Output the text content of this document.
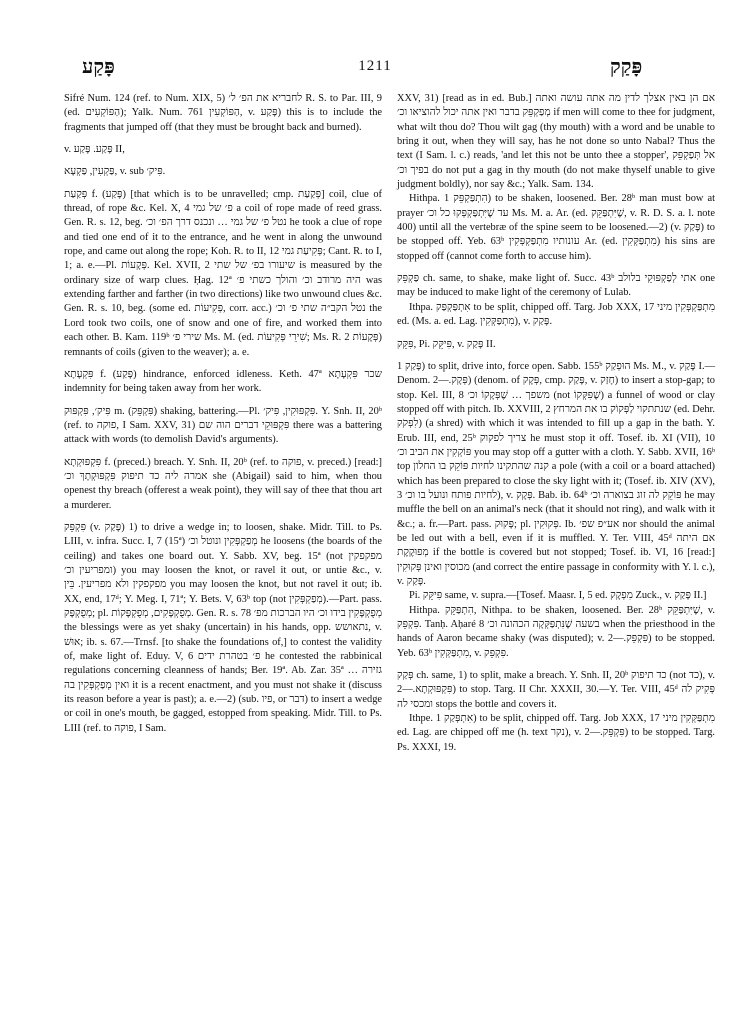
פָּקַע	1211	פָּקַק

Sifré Num. 124 (ref. to Num. XIX, 5) לחבריא את הפ׳ ל׳ R. S. to Par. III, 9 (ed. הַפּוֹקְעִים); Yalk. Num. 761 הַפּוֹקְעִין, v. פָּקַע) this is to include the fragments that jumped off (that they must be brought back and burned).

v. פָּקַע. פָּקַע II,

פַּקְעִין, פַּקְעָא, v. sub פִּיק׳.

פְּקַעַת f. (פָּקַע) [that which is to be unravelled; cmp. פְּקַעַת] coil, clue of thread, of rope &c. Kel. X, 4 פ׳ של גמי a coil of rope made of reed grass. Gen. R. s. 12, beg. נטל פ׳ של גמי … ונכנס דרך הפ׳ וכ׳ he took a clue of rope and tied one end of it to the entrance, and he went in along the unwound rope, and came out along the rope; Koh. R. to II, 12 פְּקִיעַת גמי; Cant. R. to I, 1; a. e.—Pl. פְּקָעוֹת. Kel. XVII, 2 שיעורו בפ׳ של שתי is measured by the ordinary size of warp clues. Ḥag. 12ª היה מרודב וכ׳ והולך כשתי פ׳ was extending farther and farther (in two directions) like two unwound clues &c. Gen. R. s. 10, beg. (some ed. פְּקִיעוֹת, corr. acc.) נטל הקב״ה שתי פ׳ וכ׳ the Lord took two coils, one of snow and one of fire, and worked them into each other. B. Kam. 119ᵇ שירי פ׳ Ms. M. (ed. שִׁירֵי פְּקִיעוֹת; Ms. R. 2 פְּקָעוֹת) remnants of coils (given to the weaver); a. e.

פִּקְעָתָא f. (פָּקַע) hindrance, enforced idleness. Keth. 47ª שכר פִּקְעָתָא indemnity for being taken away from her work.

פִּיק׳, פִּקְפּוּק m. (פִּקְפֵּק) shaking, battering.—Pl. פִּקְפּוּקִין, פִּיק׳. Y. Snh. II, 20ᵇ (ref. to פוקה, I Sam. XXV, 31) פִּקְפּוּקֵי דברים הוה שם there was a battering attack with words (to demolish David's arguments).

פִּקְפּוּקְתָא f. (preced.) breach. Y. Snh. II, 20ᵇ (ref. to פוקה, v. preced.) [read:] אמרה ליה כד תיפוק פִּקְפּוּקְתָךְ וכ׳ she (Abigail) said to him, when thou openest thy breach (offerest a weak point), they will say of thee that thou art a murderer.

פִּקְפֵּק (v. פָּקַק) 1) to drive a wedge in; to loosen, shake. Midr. Till. to Ps. LIII, v. infra. Succ. I, 7 (15ª) מְפַקְפְּקִין ונוטל וכ׳ he loosens (the boards of the ceiling) and takes one board out. Y. Sabb. XV, beg. 15ª (not מפקפקין ומפריעין וכ׳) you may loosen the knot, or ravel it out, or untie &c., v. מפקפקין ולא מפריעין. בֵּין you may loosen the knot, but not ravel it out; ib. XX, end, 17ᵈ; Y. Meg. I, 71ª; Y. Bets. V, 63ᵇ top (not מְפַקְפְּקִין).—Part. pass. מְפֻקְפָּק; pl. מְפֻקְפָּקִים, מְפֻקְפָּקוֹת. Gen. R. s. 78 מְפֻקְפָּקִין בידו וכ׳ היו הברכות מפ׳ the blessings were as yet shaky (uncertain) in his hands, opp. נתאושש, v. אוּשׁ; ib. s. 67.—Trnsf. [to shake the foundations of,] to contest the validity of, make light of. Eduy. V, 6 פ׳ בטהרת ידים he contested the rabbinical regulations concerning cleanness of hands; Ber. 19ª. Ab. Zar. 35ª גזירה … ואין מְפַקְפְּקִין בה it is a recent enactment, and you must not shake it (discuss its reason before a year is past); a. e.—2) (sub. פיו, or דבר) to insert a wedge or coil in one's mouth, be gagged, estopped from speaking. Midr. Till. to Ps. LIII (ref. to פוקה, I Sam.

XXV, 31) [read as in ed. Bub.] אם הן באין אצלך לדין מה אתה עושה ואתה מְפַקְפֵּק בדבר ואין אתה יכול להוציאו וכ׳ if men will come to thee for judgment, what wilt thou do? Thou wilt gag (thy mouth) with a word and be unable to bring it out, when they will say, has he not done so unto Nabal? Thus the text (I Sam. l. c.) reads, 'and let this not be unto thee a stopper', אל תְּפַקְפֵּק בפיך וכ׳ do not put a gag in thy mouth (do not make thyself unable to give judgment boldly), nor say &c.; Yalk. Sam. 134.

Hithpa. הִתְפַּקְפֵּק 1) to be shaken, loosened. Ber. 28ᵇ man must bow at prayer עד שֶׁיִּתְפַּקְפְּקוּ כל וכ׳ Ms. M. a. Ar. (ed. שֶׁיִּתְפַּקֵּק, v. R. D. S. a. l. note 400) until all the vertebræ of the spine seem to be loosened.—2) (v. פָּקַק) to be stopped off. Yeb. 63ᵇ עונותיו מִתְפַּקְפְּקִין Ar. (ed. מִתְפַּקְּקִין) his sins are stopped off (cannot come forth to accuse him).

פַּקְפֵּק ch. same, to shake, make light of. Succ. 43ᵇ אתי לְפַקְפּוּקֵי בלולב one may be induced to make light of the ceremony of Lulab.

Ithpa. אִתְפַּקְפַּק to be split, chipped off. Targ. Job XXX, 17 מִתְפַּקְפְּקִין מיני ed. (Ms. a. ed. Lag. מִתְפַּקְּקִין), v. פָּקַק.

פִּקֵּק, Pi. פִּיקֵּק, v. פָּקַק II.

פָּקַק 1) to split, drive into, force open. Sabb. 155ᵇ הוּפְקַק Ms. M., v. פָּקַק I.—Denom. פְּקָק.—2) (denom. of פְּקָק, cmp. פָּקַק, v. חָזַק) to insert a stop-gap; to stop. Kel. III, 8 משפך … שֶׁפְּקָקוֹ וכ׳ (not שֶׁפִּקְּקוֹ) a funnel of wood or clay stopped off with pitch. Ib. XXVIII, 2 שנתתקוי לַפְּקוֹק בו את המרחץ (ed. Dehr. לִפְקֹק) (a shred) with which it was intended to fill up a gap in the bath. Y. Erub. III, end, 25ᵇ צריך לפקוק he must stop it off. Tosef. ib. XI (VII), 10 פּוֹקְקִין את הביב וכ׳ you may stop off a gutter with a cloth. Y. Sabb. XVII, 16ᵇ top קנה שהתקינו לחיות פּוֹקֵק בו החלון a pole (with a coil or a board attached) which has been prepared to close the sky light with it; (Tosef. ib. XIV (XV), 3 לחיות פותח ונועל בו וכ׳), v. פְּקָק. Bab. ib. 64ᵇ פּוֹקֵק לה זוג בצוארה וכ׳ he may muffle the bell on an animal's neck (that it should not ring), and walk with it &c.; a. fr.—Part. pass. פָּקוּק; pl. פְּקוּקִין. Ib. אע״פ שפ׳ nor should the animal be led out with a bell, even if it is muffled. Y. Ter. VIII, 45ᵈ אם היתה מְפוּקֶקֶת if the bottle is covered but not stopped; Tosef. ib. VI, 16 [read:] מכוסין ואינן פְּקוּקִין (and correct the entire passage in conformity with Y. l. c.), v. פָּקַק.

Pi. פִּיקֵּק same, v. supra.—[Tosef. Maasr. I, 5 ed. מִפְקָק Zuck., v. פָּקַק II.]

Hithpa. הִתְפַּקֵּק, Nithpa. to be shaken, loosened. Ber. 28ᵇ שֶׁיִּתְפַּקֵּק, v. פִּקְפֵּק. Tanḥ. Aḥaré 8 בשעה שֶׁנִּתְפַּקְּקָה הכהונה וכ׳ when the priesthood in the hands of Aaron became shaky (was disputed); v. פִּקְפֵּק.—2) to be stopped. Yeb. 63ᵇ מִתְפַּקְּקִין, v. פִּקְפֵּק.

פְּקַק ch. same, 1) to split, make a breach. Y. Snh. II, 20ᵇ כד תיפוק (not כד), v. פִּקְפּוּקְתָא.—2) to stop. Targ. II Chr. XXXII, 30.—Y. Ter. VIII, 45ᵈ פְּקִיק לה ומכסי לה stops the bottle and covers it.

Ithpe. אִתְפְּקַק 1) to be split, chipped off. Targ. Job XXX, 17 מִתְפַּקְּקִין מיני ed. Lag. are chipped off me (h. text נקר), v. פִּקְפֵּק.—2) to be stopped. Targ. Ps. XXXI, 19.
